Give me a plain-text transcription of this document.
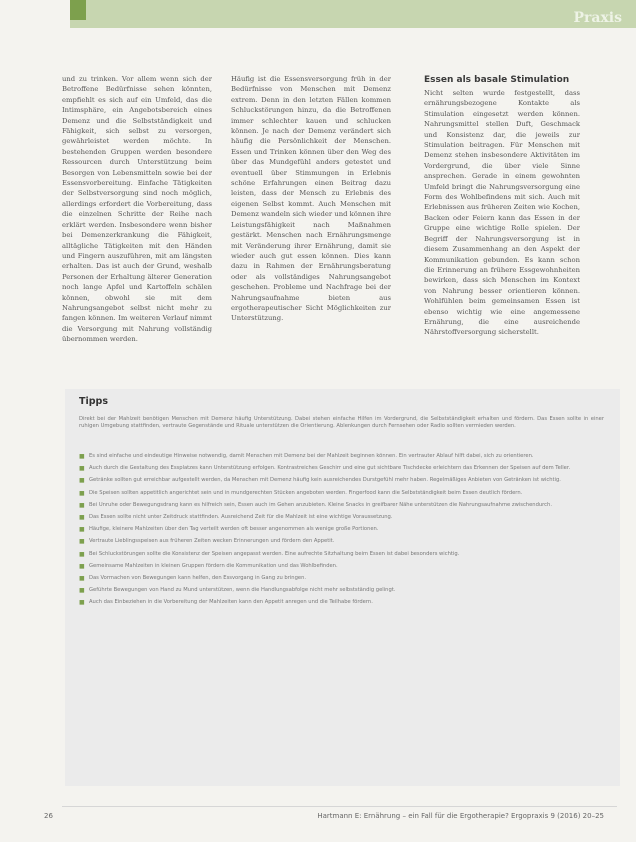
Praxis

und zu trinken. Vor allem wenn sich der Betroffene Bedürfnisse sehen könnten, empfiehlt es sich auf ein Umfeld, das die Intimsphäre, ein Angebotsbereich eines Demenz und die Selbstständigkeit und Fähigkeit, sich selbst zu versorgen, gewährleistet werden möchte. In bestehenden Gruppen werden besondere Ressourcen durch Unterstützung beim Besorgen von Lebensmitteln sowie bei der Essensvorbereitung. Einfache Tätigkeiten der Selbstversorgung sind noch möglich, allerdings erfordert die Vorbereitung, dass die einzelnen Schritte der Reihe nach erklärt werden. Insbesondere wenn bisher bei Demenzerkrankung die Fähigkeit, alltägliche Tätigkeiten mit den Händen und Fingern auszuführen, mit am längsten erhalten. Das ist auch der Grund, weshalb Personen der Erhaltung älterer Generation noch lange Apfel und Kartoffeln schälen können, obwohl sie mit dem Nahrungsangebot selbst nicht mehr zu fangen können. Im weiteren Verlauf nimmt die Versorgung mit Nahrung vollständig übernommen werden.

Häufig ist die Essensversorgung früh in der Bedürfnisse von Menschen mit Demenz extrem. Denn in den letzten Fällen kommen Schluckstörungen hinzu, da die Betroffenen immer schlechter kauen und schlucken können. Je nach der Demenz verändert sich häufig die Persönlichkeit der Menschen. Essen und Trinken können über den Weg des über das Mundgefühl anders getestet und eventuell über Stimmungen in Erlebnis schöne Erfahrungen einen Beitrag dazu leisten, dass der Mensch zu Erlebnis des eigenen Selbst kommt. Auch Menschen mit Demenz wandeln sich wieder und können ihre Leistungsfähigkeit nach Maßnahmen gestärkt. Menschen nach Ernährungsmenge mit Veränderung ihrer Ernährung, damit sie wieder auch gut essen können. Dies kann dazu in Rahmen der Ernährungsberatung oder als vollständiges Nahrungsangebot geschehen. Probleme und Nachfrage bei der Nahrungsaufnahme bieten aus ergotherapeutischer Sicht Möglichkeiten zur Unterstützung.

Essen als basale Stimulation

Nicht selten wurde festgestellt, dass ernährungsbezogene Kontakte als Stimulation eingesetzt werden können. Nahrungsmittel stellen Duft, Geschmack und Konsistenz dar, die jeweils zur Stimulation beitragen. Für Menschen mit Demenz stehen insbesondere Aktivitäten im Vordergrund, die über viele Sinne ansprechen. Gerade in einem gewohnten Umfeld bringt die Nahrungsversorgung eine Form des Wohlbefindens mit sich. Auch mit Erlebnissen aus früheren Zeiten wie Kochen, Backen oder Feiern kann das Essen in der Gruppe eine wichtige Rolle spielen. Der Begriff der Nahrungsversorgung ist in diesem Zusammenhang an den Aspekt der Kommunikation gebunden. Es kann schon die Erinnerung an frühere Essgewohnheiten bewirken, dass sich Menschen im Kontext von Nahrung besser orientieren können. Wohlfühlen beim gemeinsamen Essen ist ebenso wichtig wie eine angemessene Ernährung, die eine ausreichende Nährstoffversorgung sicherstellt.

Tipps
Direkt bei der Mahlzeit benötigen Menschen mit Demenz häufig Unterstützung. Dabei stehen einfache Hilfen im Vordergrund, die Selbstständigkeit erhalten und fördern. Das Essen sollte in einer ruhigen Umgebung stattfinden, vertraute Gegenstände und Rituale unterstützen die Orientierung. Ablenkungen durch Fernsehen oder Radio sollten vermieden werden.
■ Es sind einfache und eindeutige Hinweise notwendig, damit Menschen mit Demenz bei der Mahlzeit beginnen können. Ein vertrauter Ablauf hilft dabei, sich zu orientieren.
■ Auch durch die Gestaltung des Essplatzes kann Unterstützung erfolgen. Kontrastreiches Geschirr und eine gut sichtbare Tischdecke erleichtern das Erkennen der Speisen auf dem Teller.
■ Getränke sollten gut erreichbar aufgestellt werden, da Menschen mit Demenz häufig kein ausreichendes Durstgefühl mehr haben. Regelmäßiges Anbieten von Getränken ist wichtig.
■ Die Speisen sollten appetitlich angerichtet sein und in mundgerechten Stücken angeboten werden. Fingerfood kann die Selbstständigkeit beim Essen deutlich fördern.
■ Bei Unruhe oder Bewegungsdrang kann es hilfreich sein, Essen auch im Gehen anzubieten. Kleine Snacks in greifbarer Nähe unterstützen die Nahrungsaufnahme zwischendurch.
■ Das Essen sollte nicht unter Zeitdruck stattfinden. Ausreichend Zeit für die Mahlzeit ist eine wichtige Voraussetzung.
■ Häufige, kleinere Mahlzeiten über den Tag verteilt werden oft besser angenommen als wenige große Portionen.
■ Vertraute Lieblingsspeisen aus früheren Zeiten wecken Erinnerungen und fördern den Appetit.
■ Bei Schluckstörungen sollte die Konsistenz der Speisen angepasst werden. Eine aufrechte Sitzhaltung beim Essen ist dabei besonders wichtig.
■ Gemeinsame Mahlzeiten in kleinen Gruppen fördern die Kommunikation und das Wohlbefinden.
■ Das Vormachen von Bewegungen kann helfen, den Essvorgang in Gang zu bringen.
■ Geführte Bewegungen von Hand zu Mund unterstützen, wenn die Handlungsabfolge nicht mehr selbstständig gelingt.
■ Auch das Einbeziehen in die Vorbereitung der Mahlzeiten kann den Appetit anregen und die Teilhabe fördern.
26	Hartmann E: Ernährung – ein Fall für die Ergotherapie? Ergopraxis 9 (2016) 20–25
